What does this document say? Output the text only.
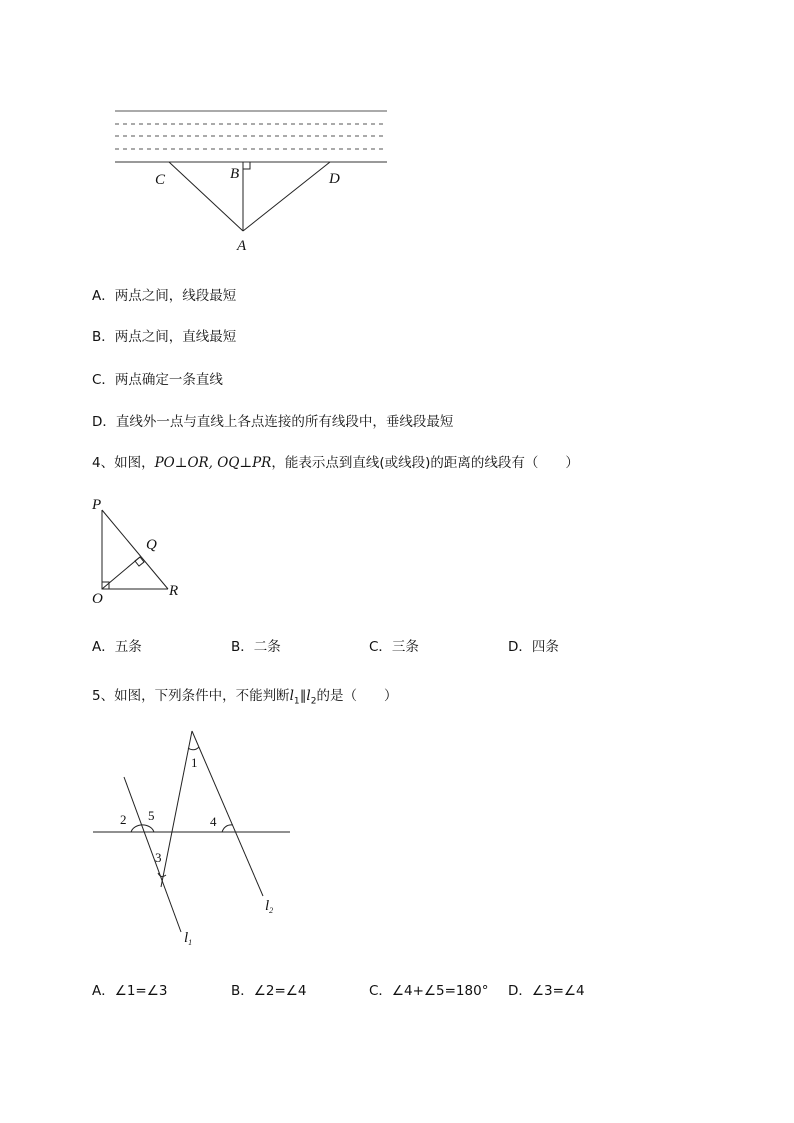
C	B	D
A
A．两点之间，线段最短
B．两点之间，直线最短
C．两点确定一条直线
D．直线外一点与直线上各点连接的所有线段中，垂线段最短
4、如图，PO⊥OR, OQ⊥PR，能表示点到直线(或线段)的距离的线段有（　　）
P
Q
O	R
A．五条	B．二条	C．三条	D．四条
5、如图，下列条件中，不能判断$l_1\parallel l_2$的是（　　）
1
2 5
3
4
$l_2$
$l_1$
A．∠1=∠3	B．∠2=∠4	C．∠4+∠5=180° D．∠3=∠4
